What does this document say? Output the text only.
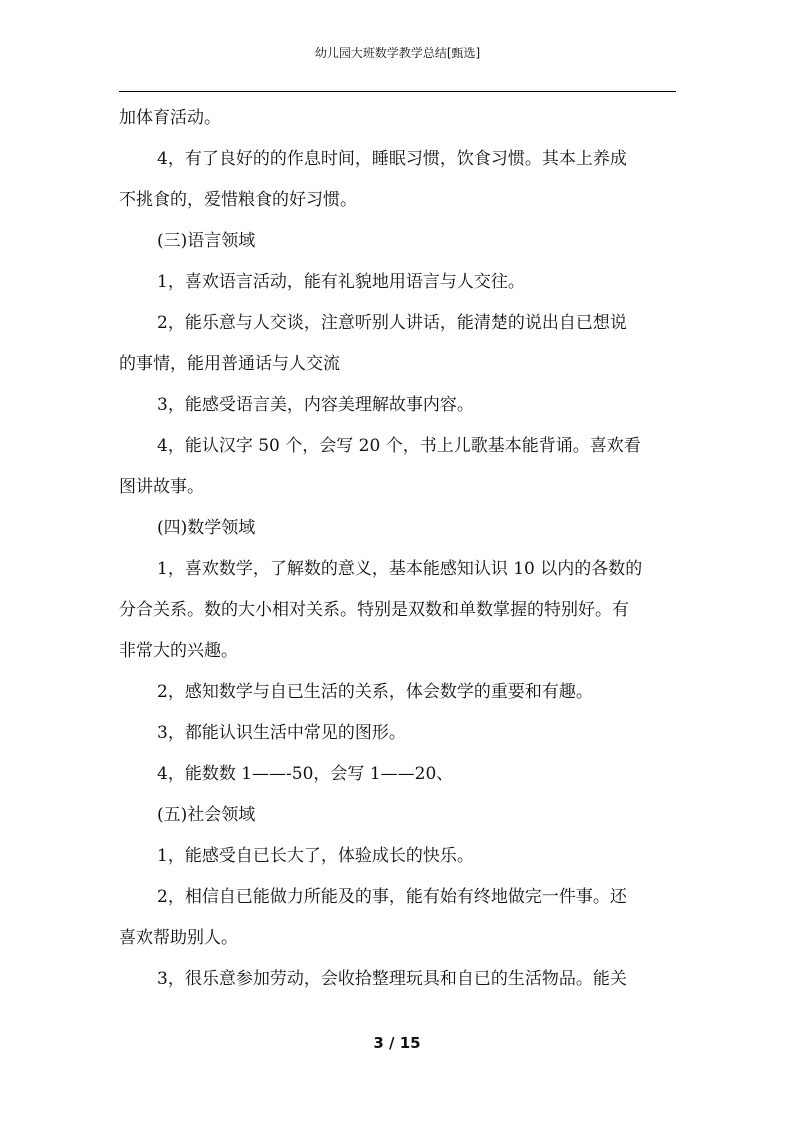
幼儿园大班数学教学总结[甄选]
加体育活动。
4，有了良好的的作息时间，睡眠习惯，饮食习惯。其本上养成
不挑食的，爱惜粮食的好习惯。
(三)语言领域
1，喜欢语言活动，能有礼貌地用语言与人交往。
2，能乐意与人交谈，注意听别人讲话，能清楚的说出自已想说
的事情，能用普通话与人交流
3，能感受语言美，内容美理解故事内容。
4，能认汉字 50 个，会写 20 个，书上儿歌基本能背诵。喜欢看
图讲故事。
(四)数学领域
1，喜欢数学，了解数的意义，基本能感知认识 10 以内的各数的
分合关系。数的大小相对关系。特别是双数和单数掌握的特别好。有
非常大的兴趣。
2，感知数学与自已生活的关系，体会数学的重要和有趣。
3，都能认识生活中常见的图形。
4，能数数 1——-50，会写 1——20、
(五)社会领域
1，能感受自已长大了，体验成长的快乐。
2，相信自已能做力所能及的事，能有始有终地做完一件事。还
喜欢帮助别人。
3，很乐意参加劳动，会收拾整理玩具和自已的生活物品。能关
3 / 15
